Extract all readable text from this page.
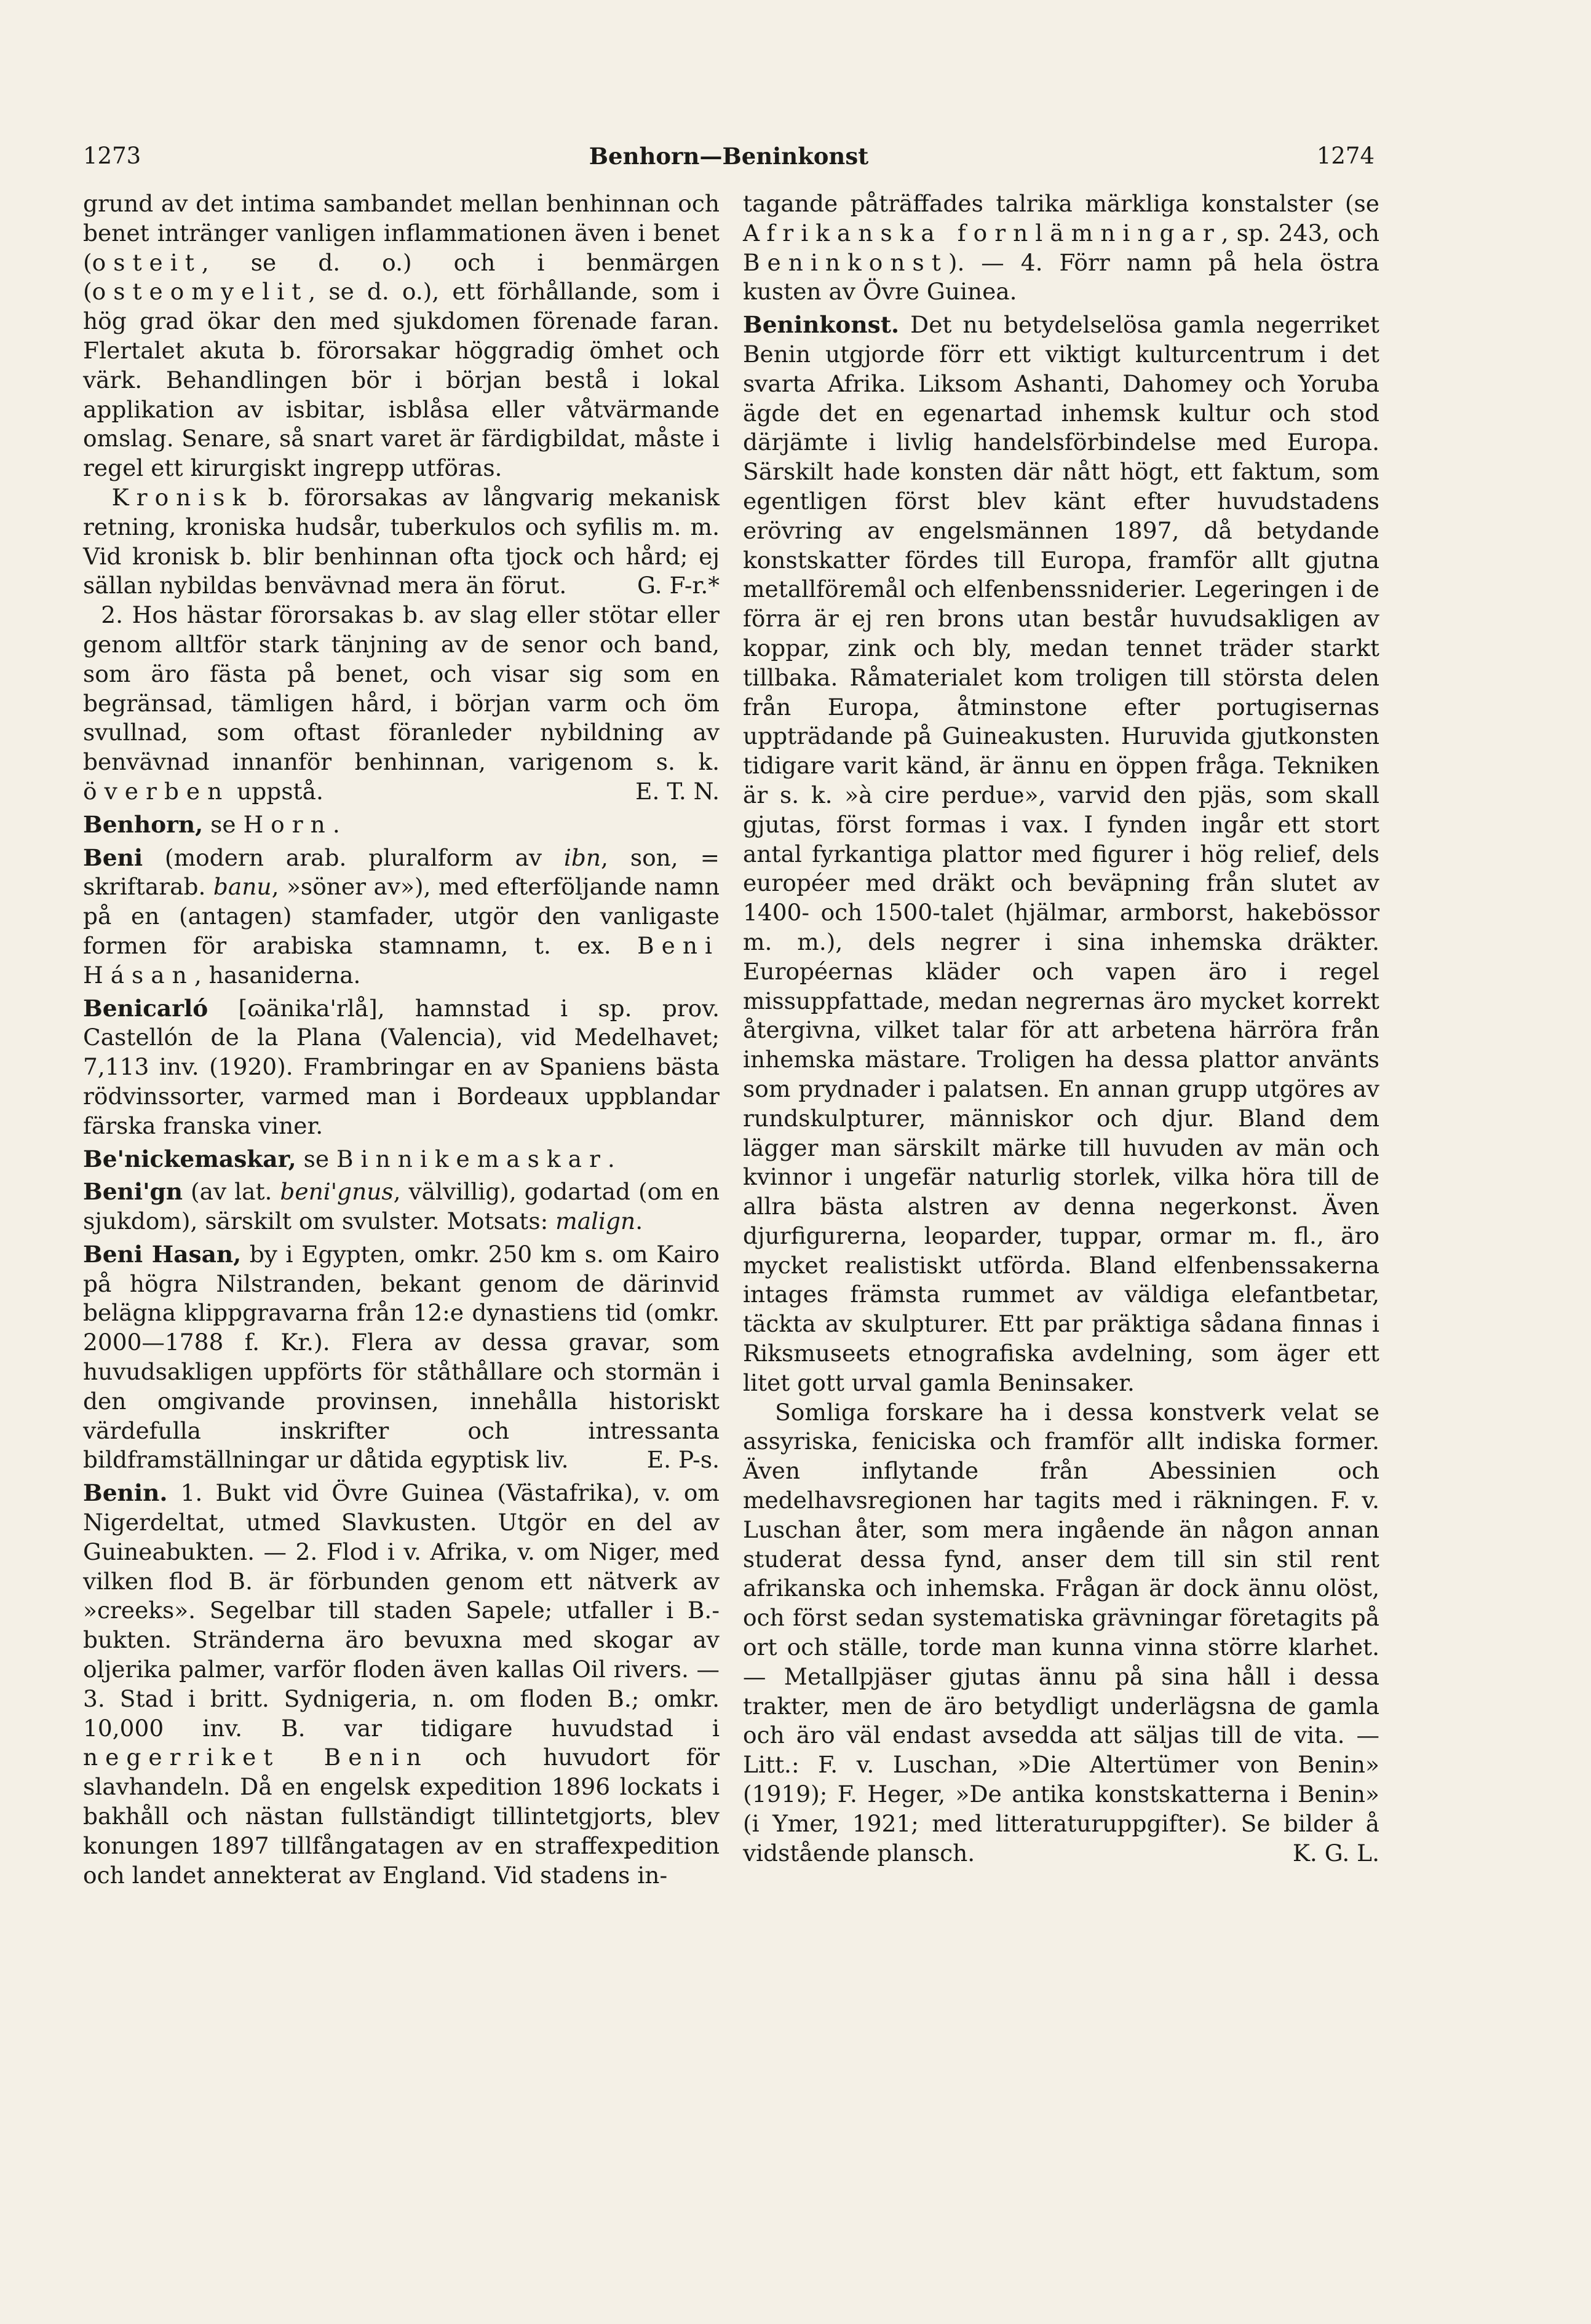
1273	Benhorn—Beninkonst	1274

grund av det intima sambandet mellan benhinnan och benet intränger vanligen inflammationen även i benet (osteit, se d. o.) och i benmärgen (osteomyelit, se d. o.), ett förhållande, som i hög grad ökar den med sjukdomen förenade faran. Flertalet akuta b. förorsakar höggradig ömhet och värk. Behandlingen bör i början bestå i lokal applikation av isbitar, isblåsa eller våtvärmande omslag. Senare, så snart varet är färdigbildat, måste i regel ett kirurgiskt ingrepp utföras.

Kronisk b. förorsakas av långvarig mekanisk retning, kroniska hudsår, tuberkulos och syfilis m. m. Vid kronisk b. blir benhinnan ofta tjock och hård; ej sällan nybildas benvävnad mera än förut.	G. F-r.*

2. Hos hästar förorsakas b. av slag eller stötar eller genom alltför stark tänjning av de senor och band, som äro fästa på benet, och visar sig som en begränsad, tämligen hård, i början varm och öm svullnad, som oftast föranleder nybildning av benvävnad innanför benhinnan, varigenom s. k. överben uppstå.	E. T. N.

Benhorn, se Horn.

Beni (modern arab. pluralform av ibn, son, = skriftarab. banu, »söner av»), med efterföljande namn på en (antagen) stamfader, utgör den vanligaste formen för arabiska stamnamn, t. ex. Beni Hásan, hasaniderna.

Benicarló [ɷänika'rlå], hamnstad i sp. prov. Castellón de la Plana (Valencia), vid Medelhavet; 7,113 inv. (1920). Frambringar en av Spaniens bästa rödvinssorter, varmed man i Bordeaux uppblandar färska franska viner.

Be'nickemaskar, se Binnikemaskar.

Beni'gn (av lat. beni'gnus, välvillig), godartad (om en sjukdom), särskilt om svulster. Motsats: malign.

Beni Hasan, by i Egypten, omkr. 250 km s. om Kairo på högra Nilstranden, bekant genom de därinvid belägna klippgravarna från 12:e dynastiens tid (omkr. 2000—1788 f. Kr.). Flera av dessa gravar, som huvudsakligen uppförts för ståthållare och stormän i den omgivande provinsen, innehålla historiskt värdefulla inskrifter och intressanta bildframställningar ur dåtida egyptisk liv.	E. P-s.

Benin. 1. Bukt vid Övre Guinea (Västafrika), v. om Nigerdeltat, utmed Slavkusten. Utgör en del av Guineabukten. — 2. Flod i v. Afrika, v. om Niger, med vilken flod B. är förbunden genom ett nätverk av »creeks». Segelbar till staden Sapele; utfaller i B.-bukten. Stränderna äro bevuxna med skogar av oljerika palmer, varför floden även kallas Oil rivers. — 3. Stad i britt. Sydnigeria, n. om floden B.; omkr. 10,000 inv. B. var tidigare huvudstad i negerriket Benin och huvudort för slavhandeln. Då en engelsk expedition 1896 lockats i bakhåll och nästan fullständigt tillintetgjorts, blev konungen 1897 tillfångatagen av en straffexpedition och landet annekterat av England. Vid stadens in-

tagande påträffades talrika märkliga konstalster (se Afrikanska fornlämningar, sp. 243, och Beninkonst). — 4. Förr namn på hela östra kusten av Övre Guinea.

Beninkonst. Det nu betydelselösa gamla negerriket Benin utgjorde förr ett viktigt kulturcentrum i det svarta Afrika. Liksom Ashanti, Dahomey och Yoruba ägde det en egenartad inhemsk kultur och stod därjämte i livlig handelsförbindelse med Europa. Särskilt hade konsten där nått högt, ett faktum, som egentligen först blev känt efter huvudstadens erövring av engelsmännen 1897, då betydande konstskatter fördes till Europa, framför allt gjutna metallföremål och elfenbenssniderier. Legeringen i de förra är ej ren brons utan består huvudsakligen av koppar, zink och bly, medan tennet träder starkt tillbaka. Råmaterialet kom troligen till största delen från Europa, åtminstone efter portugisernas uppträdande på Guineakusten. Huruvida gjutkonsten tidigare varit känd, är ännu en öppen fråga. Tekniken är s. k. »à cire perdue», varvid den pjäs, som skall gjutas, först formas i vax. I fynden ingår ett stort antal fyrkantiga plattor med figurer i hög relief, dels européer med dräkt och beväpning från slutet av 1400- och 1500-talet (hjälmar, armborst, hakebössor m. m.), dels negrer i sina inhemska dräkter. Européernas kläder och vapen äro i regel missuppfattade, medan negrernas äro mycket korrekt återgivna, vilket talar för att arbetena härröra från inhemska mästare. Troligen ha dessa plattor använts som prydnader i palatsen. En annan grupp utgöres av rundskulpturer, människor och djur. Bland dem lägger man särskilt märke till huvuden av män och kvinnor i ungefär naturlig storlek, vilka höra till de allra bästa alstren av denna negerkonst. Även djurfigurerna, leoparder, tuppar, ormar m. fl., äro mycket realistiskt utförda. Bland elfenbenssakerna intages främsta rummet av väldiga elefantbetar, täckta av skulpturer. Ett par präktiga sådana finnas i Riksmuseets etnografiska avdelning, som äger ett litet gott urval gamla Beninsaker.

Somliga forskare ha i dessa konstverk velat se assyriska, feniciska och framför allt indiska former. Även inflytande från Abessinien och medelhavsregionen har tagits med i räkningen. F. v. Luschan åter, som mera ingående än någon annan studerat dessa fynd, anser dem till sin stil rent afrikanska och inhemska. Frågan är dock ännu olöst, och först sedan systematiska grävningar företagits på ort och ställe, torde man kunna vinna större klarhet. — Metallpjäser gjutas ännu på sina håll i dessa trakter, men de äro betydligt underlägsna de gamla och äro väl endast avsedda att säljas till de vita. — Litt.: F. v. Luschan, »Die Altertümer von Benin» (1919); F. Heger, »De antika konstskatterna i Benin» (i Ymer, 1921; med litteraturuppgifter). Se bilder å vidstående plansch.	K. G. L.
